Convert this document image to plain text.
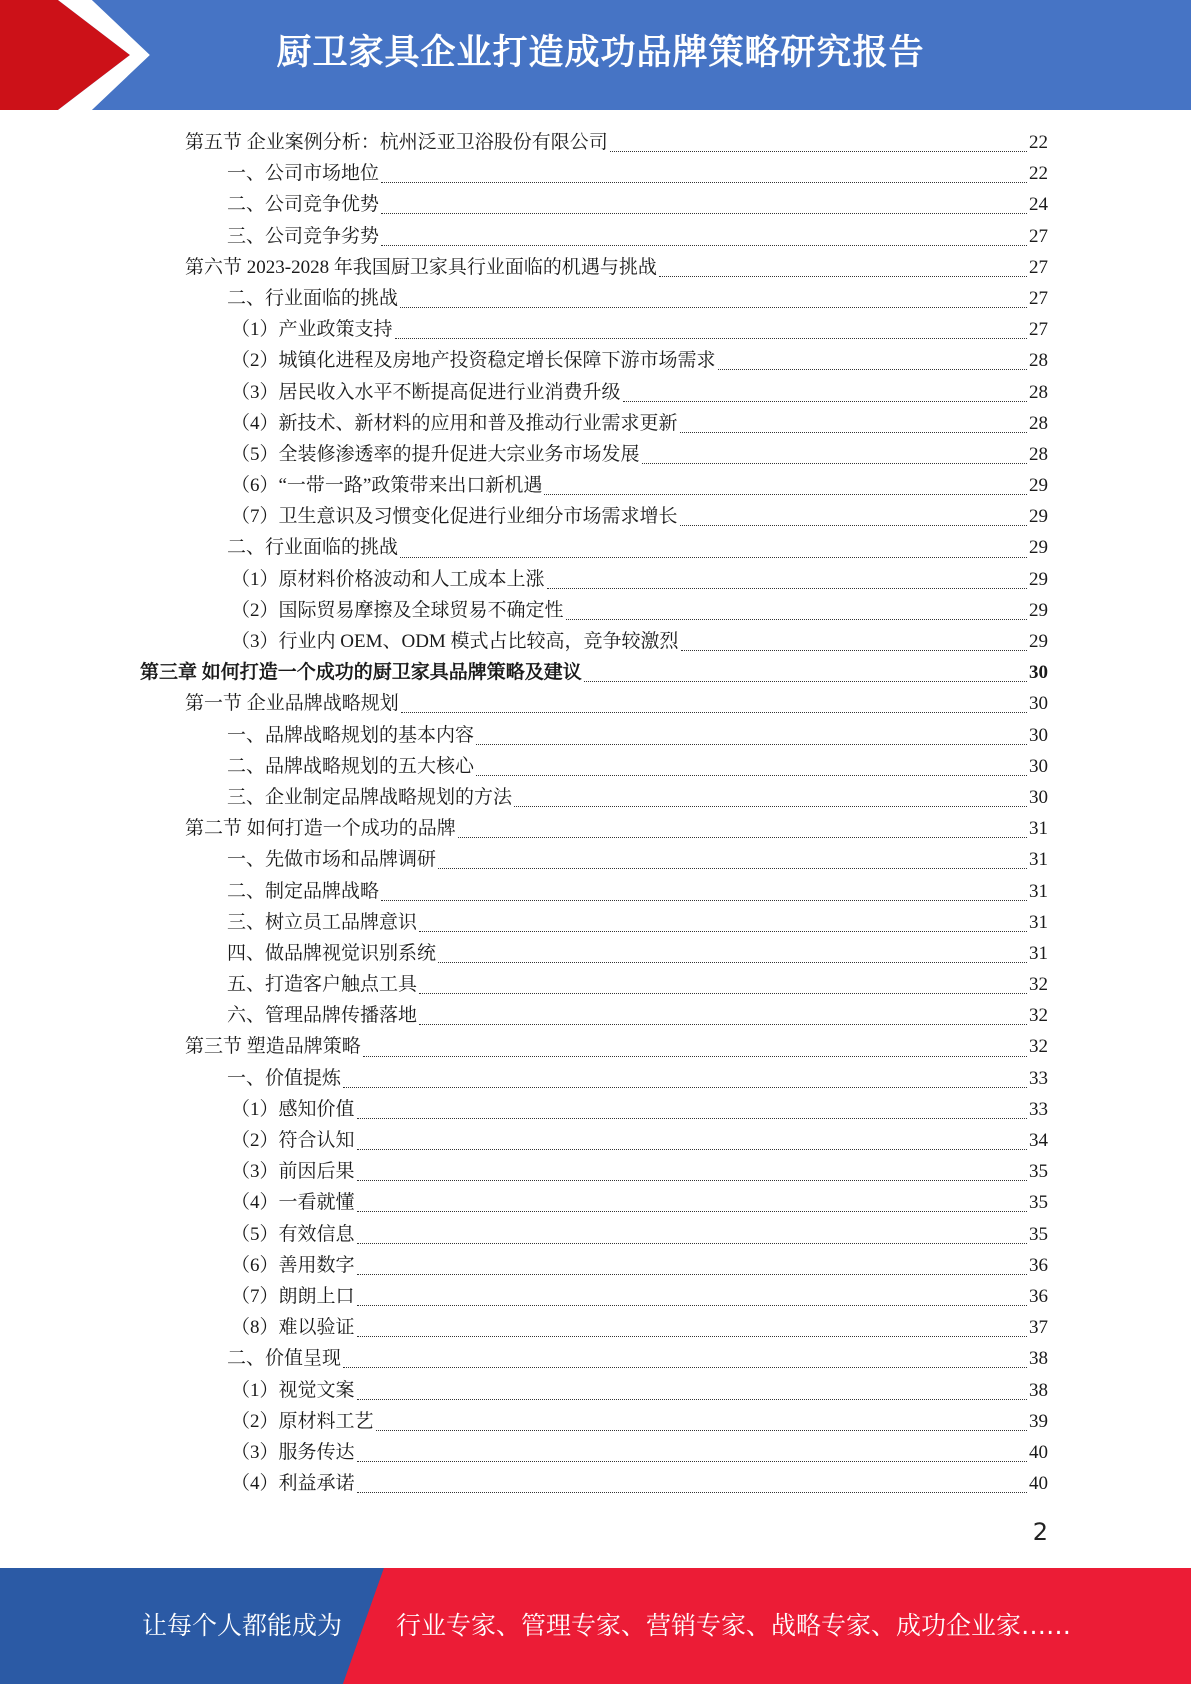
厨卫家具企业打造成功品牌策略研究报告
第五节 企业案例分析：杭州泛亚卫浴股份有限公司	22
一、公司市场地位	22
二、公司竞争优势	24
三、公司竞争劣势	27
第六节 2023-2028 年我国厨卫家具行业面临的机遇与挑战	27
二、行业面临的挑战	27
（1）产业政策支持	27
（2）城镇化进程及房地产投资稳定增长保障下游市场需求	28
（3）居民收入水平不断提高促进行业消费升级	28
（4）新技术、新材料的应用和普及推动行业需求更新	28
（5）全装修渗透率的提升促进大宗业务市场发展	28
（6）“一带一路”政策带来出口新机遇	29
（7）卫生意识及习惯变化促进行业细分市场需求增长	29
二、行业面临的挑战	29
（1）原材料价格波动和人工成本上涨	29
（2）国际贸易摩擦及全球贸易不确定性	29
（3）行业内 OEM、ODM 模式占比较高，竞争较激烈	29
第三章 如何打造一个成功的厨卫家具品牌策略及建议	30
第一节 企业品牌战略规划	30
一、品牌战略规划的基本内容	30
二、品牌战略规划的五大核心	30
三、企业制定品牌战略规划的方法	30
第二节 如何打造一个成功的品牌	31
一、先做市场和品牌调研	31
二、制定品牌战略	31
三、树立员工品牌意识	31
四、做品牌视觉识别系统	31
五、打造客户触点工具	32
六、管理品牌传播落地	32
第三节 塑造品牌策略	32
一、价值提炼	33
（1）感知价值	33
（2）符合认知	34
（3）前因后果	35
（4）一看就懂	35
（5）有效信息	35
（6）善用数字	36
（7）朗朗上口	36
（8）难以验证	37
二、价值呈现	38
（1）视觉文案	38
（2）原材料工艺	39
（3）服务传达	40
（4）利益承诺	40
2
让每个人都能成为 行业专家、管理专家、营销专家、战略专家、成功企业家……
